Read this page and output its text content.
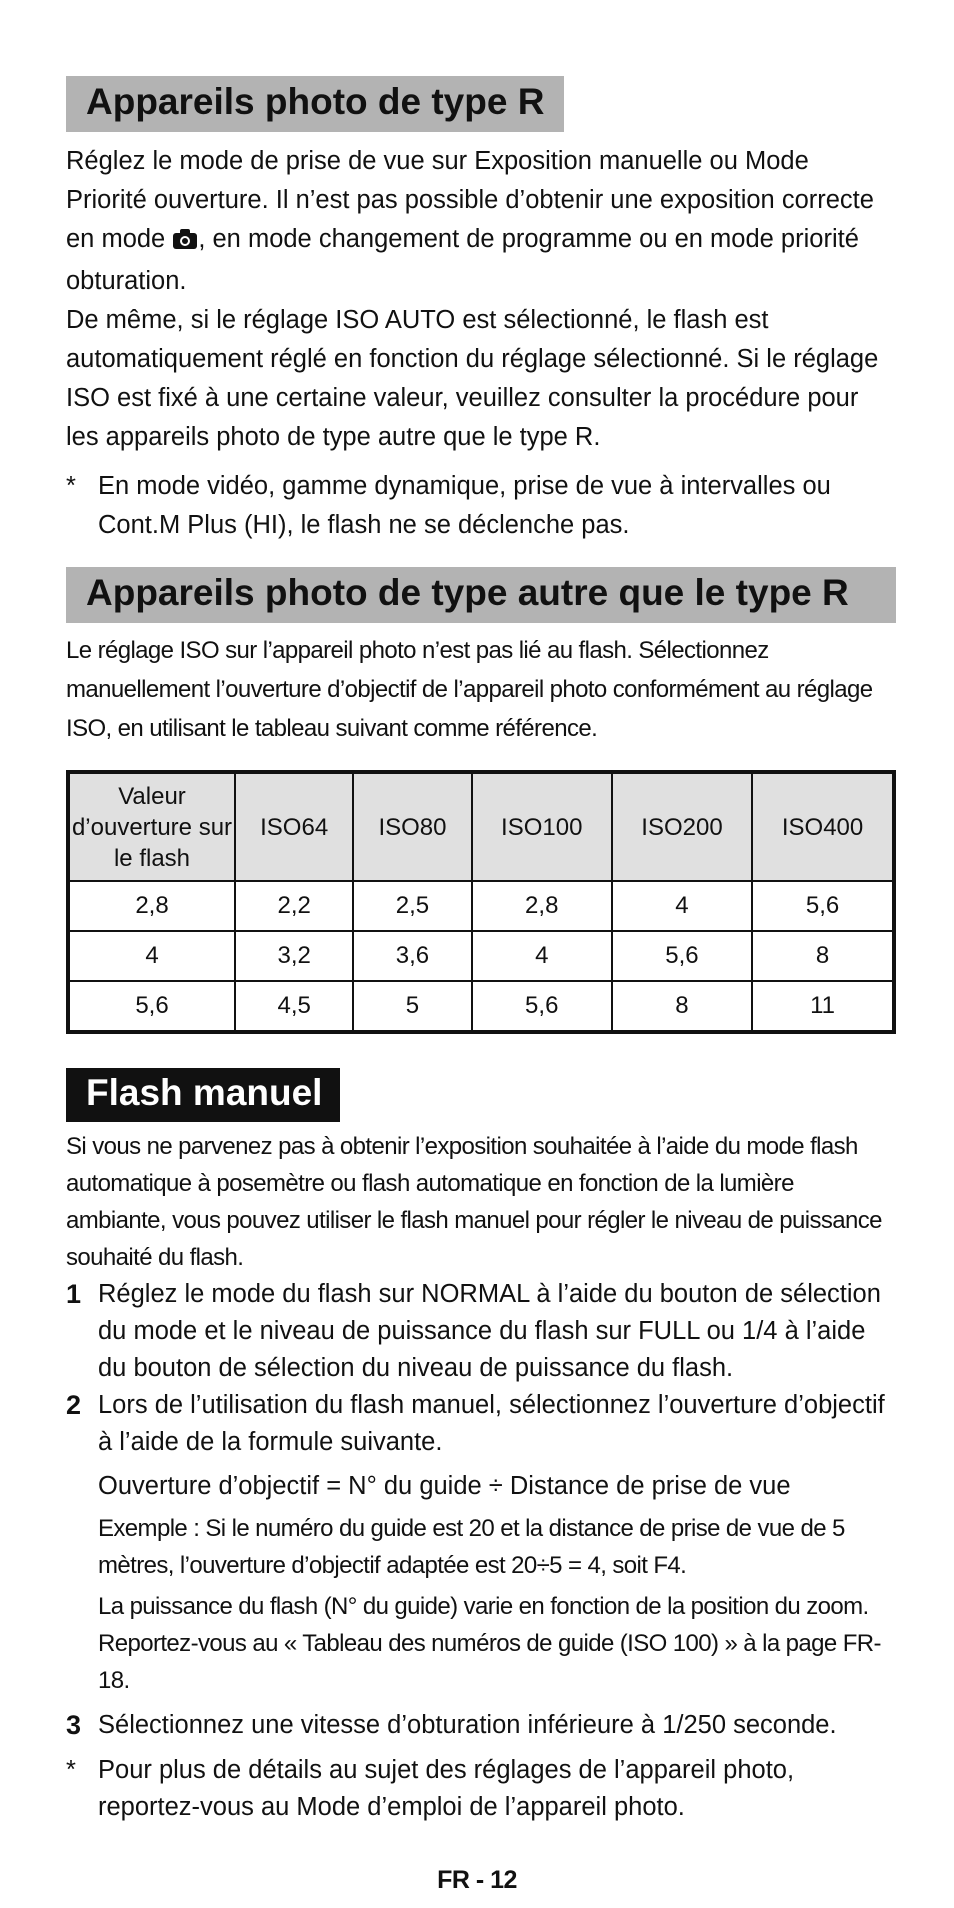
Appareils photo de type R

Réglez le mode de prise de vue sur Exposition manuelle ou Mode Priorité ouverture. Il n’est pas possible d’obtenir une exposition correcte en mode , en mode changement de programme ou en mode priorité obturation.

De même, si le réglage ISO AUTO est sélectionné, le flash est automatiquement réglé en fonction du réglage sélectionné. Si le réglage ISO est fixé à une certaine valeur, veuillez consulter la procédure pour les appareils photo de type autre que le type R.

* En mode vidéo, gamme dynamique, prise de vue à intervalles ou Cont.M Plus (HI), le flash ne se déclenche pas.
Appareils photo de type autre que le type R

Le réglage ISO sur l’appareil photo n’est pas lié au flash. Sélectionnez manuellement l’ouverture d’objectif de l’appareil photo conformément au réglage ISO, en utilisant le tableau suivant comme référence.

Valeur d’ouverture sur le flash	ISO64	ISO80	ISO100	ISO200	ISO400
2,8	2,2	2,5	2,8	4	5,6
4	3,2	3,6	4	5,6	8
5,6	4,5	5	5,6	8	11
Flash manuel

Si vous ne parvenez pas à obtenir l’exposition souhaitée à l’aide du mode flash automatique à posemètre ou flash automatique en fonction de la lumière ambiante, vous pouvez utiliser le flash manuel pour régler le niveau de puissance souhaité du flash.

1 Réglez le mode du flash sur NORMAL à l’aide du bouton de sélection du mode et le niveau de puissance du flash sur FULL ou 1/4 à l’aide du bouton de sélection du niveau de puissance du flash.
2 Lors de l’utilisation du flash manuel, sélectionnez l’ouverture d’objectif à l’aide de la formule suivante.

Ouverture d’objectif = N° du guide ÷ Distance de prise de vue

Exemple : Si le numéro du guide est 20 et la distance de prise de vue de 5 mètres, l’ouverture d’objectif adaptée est 20÷5 = 4, soit F4.

La puissance du flash (N° du guide) varie en fonction de la position du zoom. Reportez-vous au « Tableau des numéros de guide (ISO 100) » à la page FR-18.

3 Sélectionnez une vitesse d’obturation inférieure à 1/250 seconde.
* Pour plus de détails au sujet des réglages de l’appareil photo, reportez-vous au Mode d’emploi de l’appareil photo.
FR - 12
